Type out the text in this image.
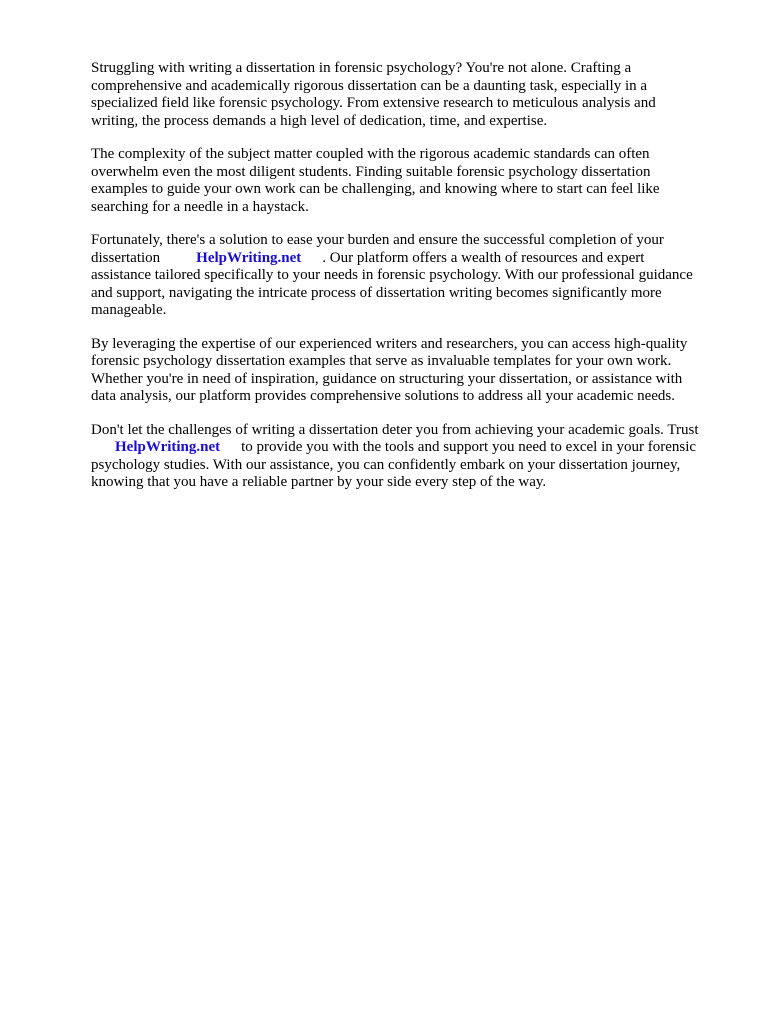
Struggling with writing a dissertation in forensic psychology? You're not alone. Crafting a
comprehensive and academically rigorous dissertation can be a daunting task, especially in a
specialized field like forensic psychology. From extensive research to meticulous analysis and
writing, the process demands a high level of dedication, time, and expertise.

The complexity of the subject matter coupled with the rigorous academic standards can often
overwhelm even the most diligent students. Finding suitable forensic psychology dissertation
examples to guide your own work can be challenging, and knowing where to start can feel like
searching for a needle in a haystack.

Fortunately, there's a solution to ease your burden and ensure the successful completion of your
dissertation HelpWriting.net . Our platform offers a wealth of resources and expert
assistance tailored specifically to your needs in forensic psychology. With our professional guidance
and support, navigating the intricate process of dissertation writing becomes significantly more
manageable.

By leveraging the expertise of our experienced writers and researchers, you can access high-quality
forensic psychology dissertation examples that serve as invaluable templates for your own work.
Whether you're in need of inspiration, guidance on structuring your dissertation, or assistance with
data analysis, our platform provides comprehensive solutions to address all your academic needs.

Don't let the challenges of writing a dissertation deter you from achieving your academic goals. Trust
HelpWriting.net to provide you with the tools and support you need to excel in your forensic
psychology studies. With our assistance, you can confidently embark on your dissertation journey,
knowing that you have a reliable partner by your side every step of the way.
